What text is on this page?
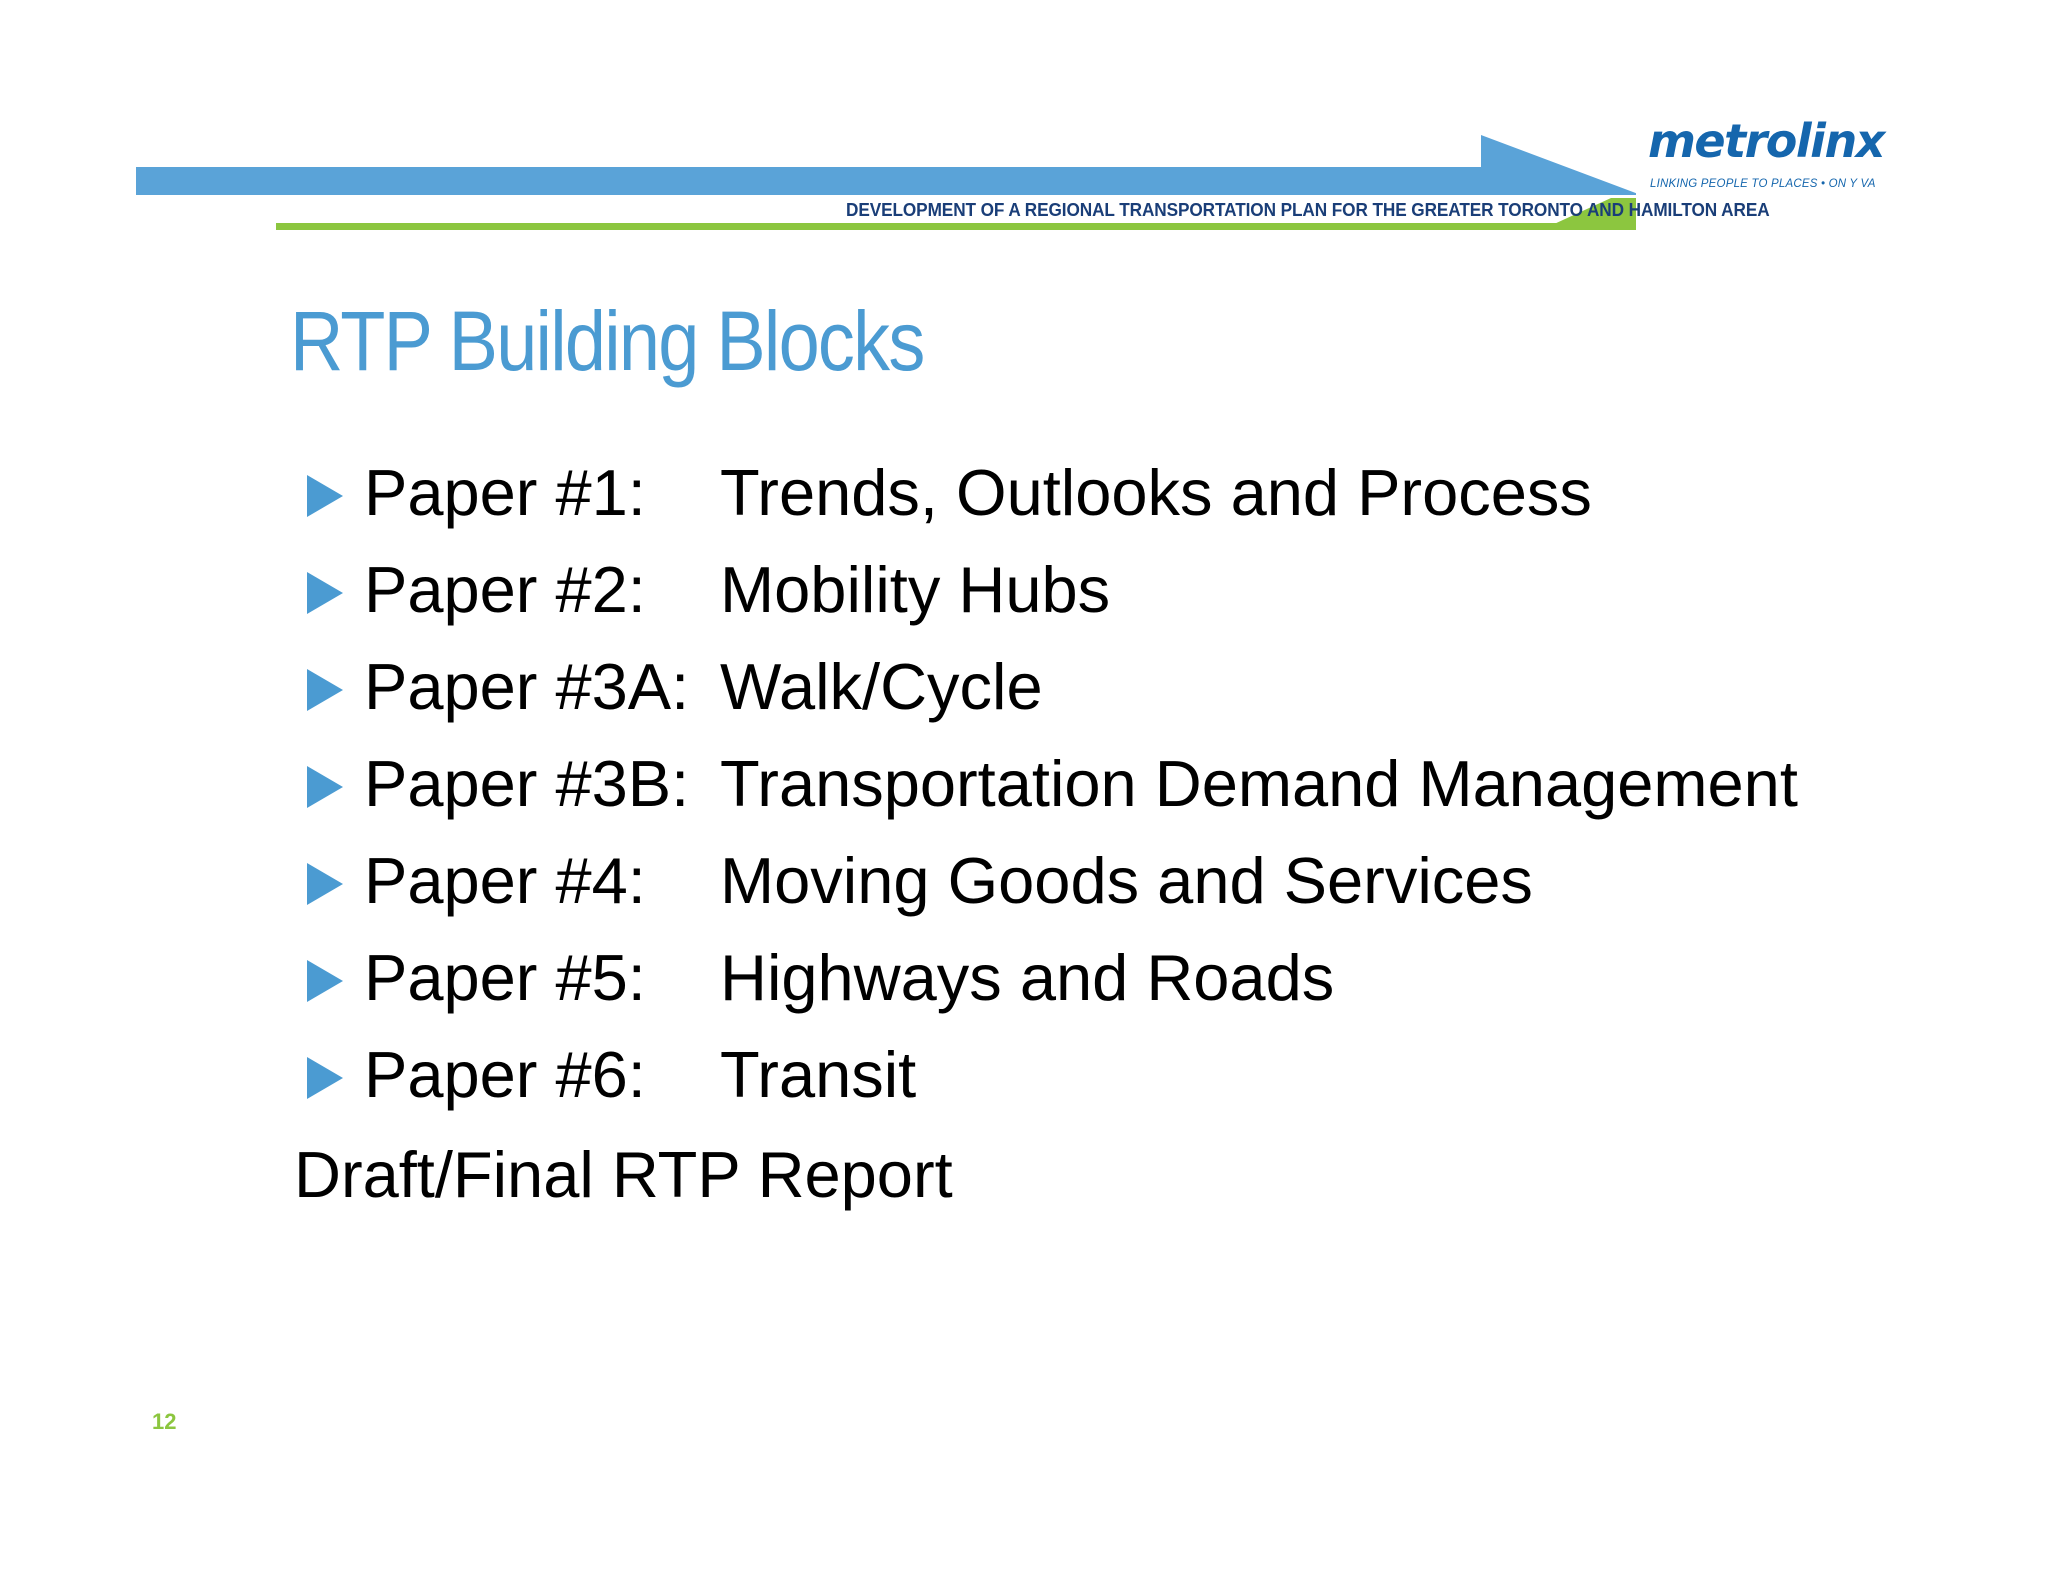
DEVELOPMENT OF A REGIONAL TRANSPORTATION PLAN FOR THE GREATER TORONTO AND HAMILTON AREA
metrolinx
LINKING PEOPLE TO PLACES • ON Y VA
RTP Building Blocks
Paper #1: Trends, Outlooks and Process
Paper #2: Mobility Hubs
Paper #3A: Walk/Cycle
Paper #3B: Transportation Demand Management
Paper #4: Moving Goods and Services
Paper #5: Highways and Roads
Paper #6: Transit
Draft/Final RTP Report
12
